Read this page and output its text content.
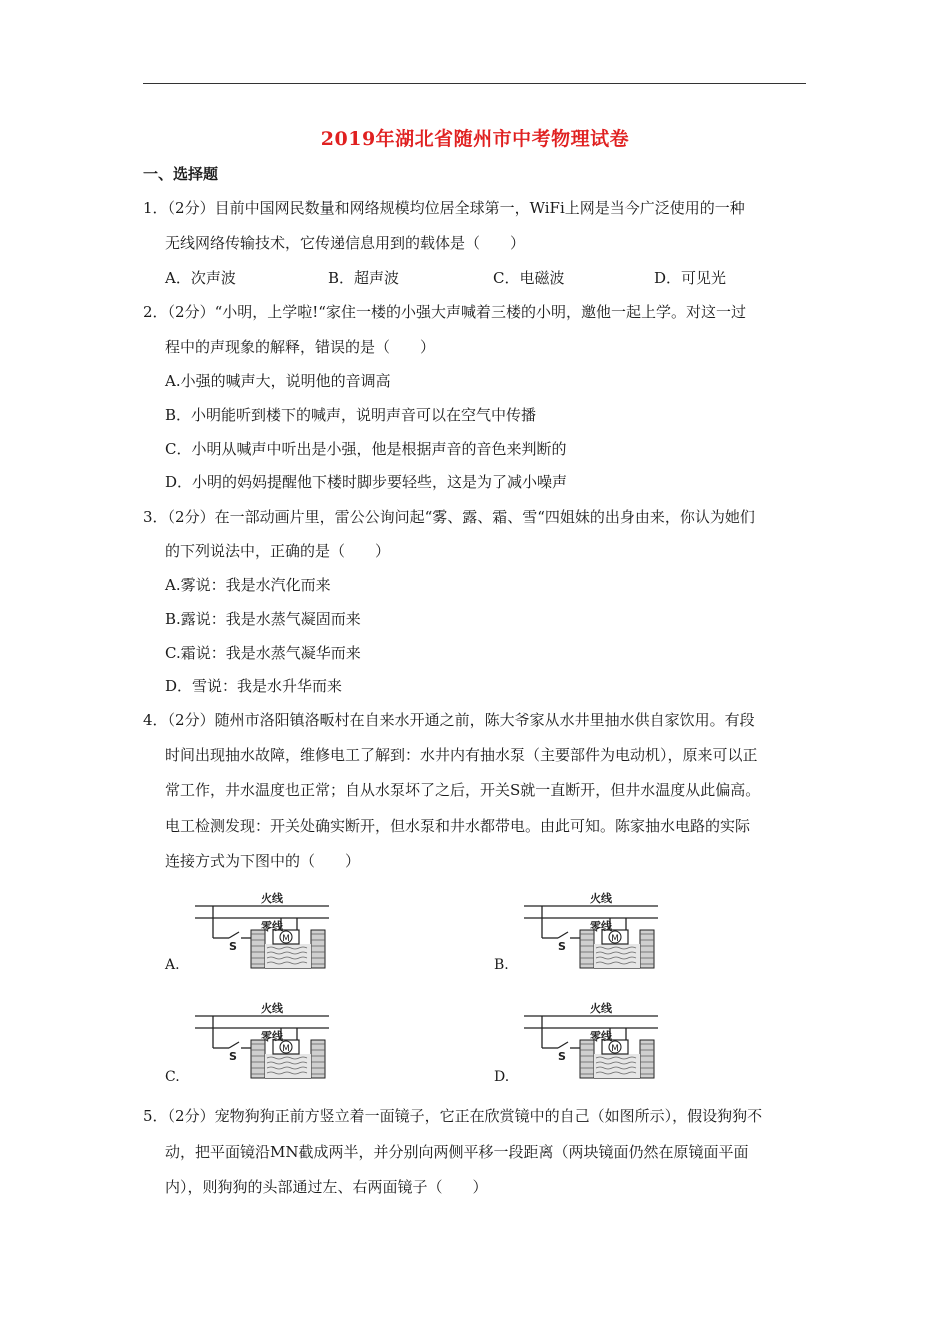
2019年湖北省随州市中考物理试卷
一、选择题
1．（2分）目前中国网民数量和网络规模均位居全球第一，WiFi上网是当今广泛使用的一种
无线网络传输技术，它传递信息用到的载体是（　　）
A．次声波	B．超声波	C．电磁波	D．可见光
2．（2分）“小明，上学啦!“家住一楼的小强大声喊着三楼的小明，邀他一起上学。对这一过
程中的声现象的解释，错误的是（　　）
A.小强的喊声大，说明他的音调高
B．小明能听到楼下的喊声，说明声音可以在空气中传播
C．小明从喊声中听出是小强，他是根据声音的音色来判断的
D．小明的妈妈提醒他下楼时脚步要轻些，这是为了减小噪声
3．（2分）在一部动画片里，雷公公询问起“雾、露、霜、雪“四姐妹的出身由来，你认为她们
的下列说法中，正确的是（　　）
A.雾说：我是水汽化而来
B.露说：我是水蒸气凝固而来
C.霜说：我是水蒸气凝华而来
D．雪说：我是水升华而来
4．（2分）随州市洛阳镇洛畈村在自来水开通之前，陈大爷家从水井里抽水供自家饮用。有段
时间出现抽水故障，维修电工了解到：水井内有抽水泵（主要部件为电动机），原来可以正
常工作，井水温度也正常；自从水泵坏了之后，开关S就一直断开，但井水温度从此偏高。
电工检测发现：开关处确实断开，但水泵和井水都带电。由此可知。陈家抽水电路的实际
连接方式为下图中的（　　）
A.	B.
C.	D.
M
火线
零线
S
M
火线
零线
S
M
火线
零线
S
M
火线
零线
S
5．（2分）宠物狗狗正前方竖立着一面镜子，它正在欣赏镜中的自己（如图所示），假设狗狗不
动，把平面镜沿MN截成两半，并分别向两侧平移一段距离（两块镜面仍然在原镜面平面
内），则狗狗的头部通过左、右两面镜子（　　）
